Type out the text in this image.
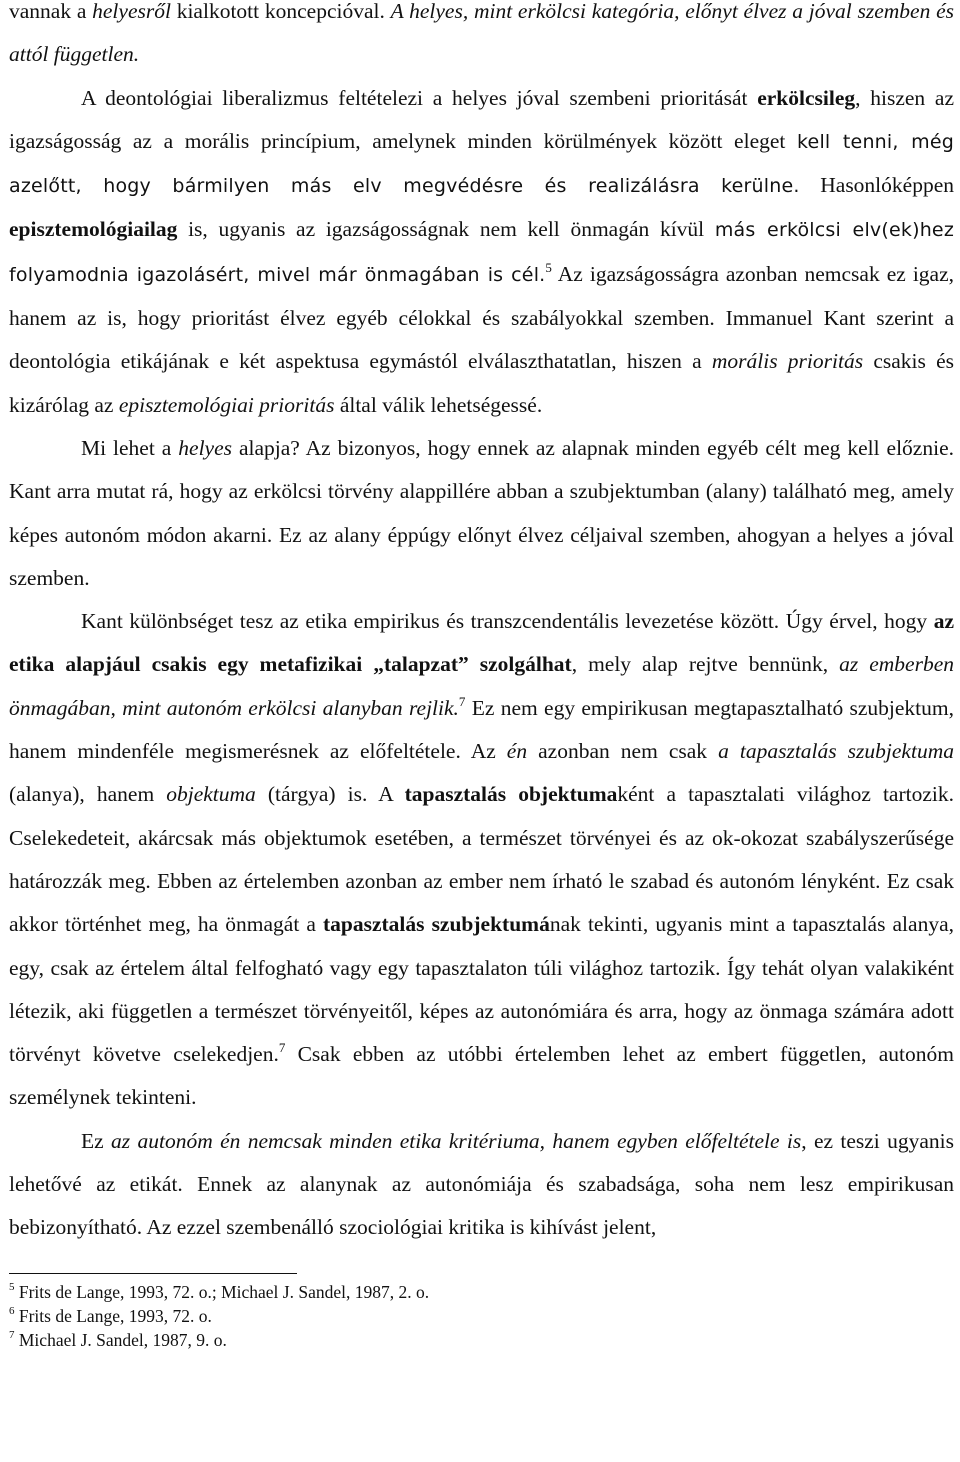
vannak a helyesről kialkotott koncepcióval. A helyes, mint erkölcsi kategória, előnyt élvez a jóval szemben és attól független.

A deontológiai liberalizmus feltételezi a helyes jóval szembeni prioritását erkölcsileg, hiszen az igazságosság az a morális princípium, amelynek minden körülmények között eleget kell tenni, még azelőtt, hogy bármilyen más elv megvédésre és realizálásra kerülne. Hasonlóképpen episztemológiailag is, ugyanis az igazságosságnak nem kell önmagán kívül más erkölcsi elv(ek)hez folyamodnia igazolásért, mivel már önmagában is cél.$^5$ Az igazságosságra azonban nemcsak ez igaz, hanem az is, hogy prioritást élvez egyéb célokkal és szabályokkal szemben. Immanuel Kant szerint a deontológia etikájának e két aspektusa egymástól elválaszthatatlan, hiszen a morális prioritás csakis és kizárólag az episztemológiai prioritás által válik lehetségessé.

Mi lehet a helyes alapja? Az bizonyos, hogy ennek az alapnak minden egyéb célt meg kell előznie. Kant arra mutat rá, hogy az erkölcsi törvény alappillére abban a szubjektumban (alany) található meg, amely képes autonóm módon akarni. Ez az alany éppúgy előnyt élvez céljaival szemben, ahogyan a helyes a jóval szemben.

Kant különbséget tesz az etika empirikus és transzcendentális levezetése között. Úgy érvel, hogy az etika alapjául csakis egy metafizikai „talapzat” szolgálhat, mely alap rejtve bennünk, az emberben önmagában, mint autonóm erkölcsi alanyban rejlik.$^7$ Ez nem egy empirikusan megtapasztalható szubjektum, hanem mindenféle megismerésnek az előfeltétele. Az én azonban nem csak a tapasztalás szubjektuma (alanya), hanem objektuma (tárgya) is. A tapasztalás objektumaként a tapasztalati világhoz tartozik. Cselekedeteit, akárcsak más objektumok esetében, a természet törvényei és az ok-okozat szabályszerűsége határozzák meg. Ebben az értelemben azonban az ember nem írható le szabad és autonóm lényként. Ez csak akkor történhet meg, ha önmagát a tapasztalás szubjektumának tekinti, ugyanis mint a tapasztalás alanya, egy, csak az értelem által felfogható vagy egy tapasztalaton túli világhoz tartozik. Így tehát olyan valakiként létezik, aki független a természet törvényeitől, képes az autonómiára és arra, hogy az önmaga számára adott törvényt követve cselekedjen.$^7$ Csak ebben az utóbbi értelemben lehet az embert független, autonóm személynek tekinteni.

Ez az autonóm én nemcsak minden etika kritériuma, hanem egyben előfeltétele is, ez teszi ugyanis lehetővé az etikát. Ennek az alanynak az autonómiája és szabadsága, soha nem lesz empirikusan bebizonyítható. Az ezzel szembenálló szociológiai kritika is kihívást jelent,

$^5$ Frits de Lange, 1993, 72. o.; Michael J. Sandel, 1987, 2. o.
$^6$ Frits de Lange, 1993, 72. o.
$^7$ Michael J. Sandel, 1987, 9. o.
